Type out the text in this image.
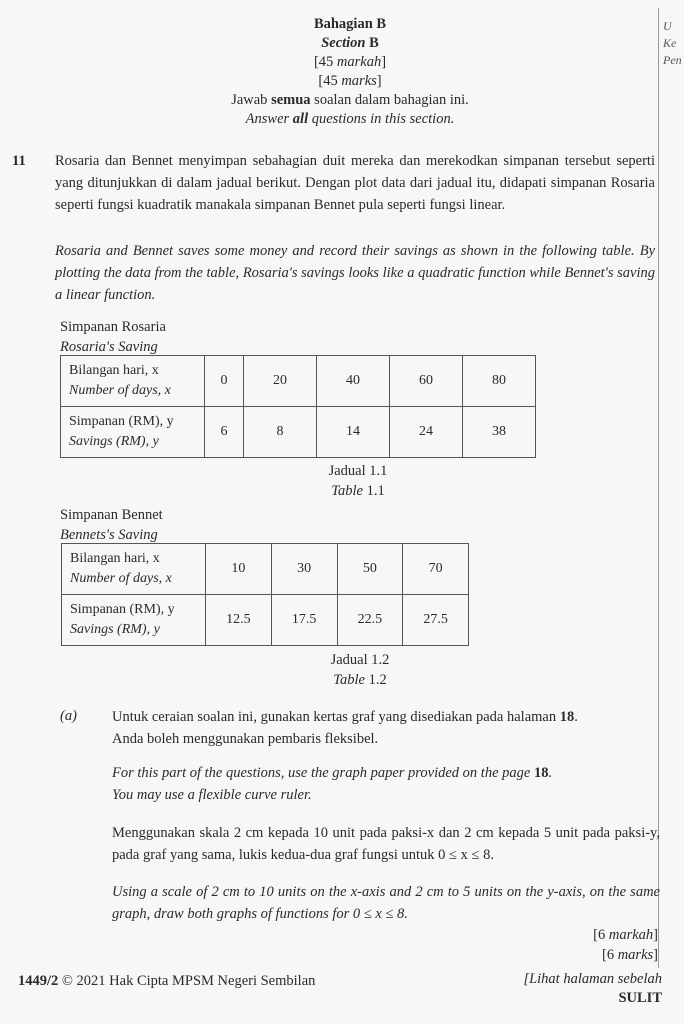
U
Ke
Pen
Bahagian B
Section B
[45 markah]
[45 marks]
Jawab semua soalan dalam bahagian ini.
Answer all questions in this section.
11 Rosaria dan Bennet menyimpan sebahagian duit mereka dan merekodkan simpanan tersebut seperti yang ditunjukkan di dalam jadual berikut. Dengan plot data dari jadual itu, didapati simpanan Rosaria seperti fungsi kuadratik manakala simpanan Bennet pula seperti fungsi linear.
Rosaria and Bennet saves some money and record their savings as shown in the following table. By plotting the data from the table, Rosaria's savings looks like a quadratic function while Bennet's saving a linear function.
Simpanan Rosaria
Rosaria's Saving
Bilangan hari, x
Number of days, x	0	20	40	60	80

Simpanan (RM), y
Savings (RM), y	6	8	14	24	38
Jadual 1.1
Table 1.1
Simpanan Bennet
Bennets's Saving
Bilangan hari, x
Number of days, x	10	30	50	70

Simpanan (RM), y
Savings (RM), y	12.5	17.5	22.5	27.5
Jadual 1.2
Table 1.2
(a) Untuk ceraian soalan ini, gunakan kertas graf yang disediakan pada halaman 18.
Anda boleh menggunakan pembaris fleksibel.
For this part of the questions, use the graph paper provided on the page 18.
You may use a flexible curve ruler.
Menggunakan skala 2 cm kepada 10 unit pada paksi-x dan 2 cm kepada 5 unit pada paksi-y, pada graf yang sama, lukis kedua-dua graf fungsi untuk 0 ≤ x ≤ 8.
Using a scale of 2 cm to 10 units on the x-axis and 2 cm to 5 units on the y-axis, on the same graph, draw both graphs of functions for 0 ≤ x ≤ 8.
[6 markah]
[6 marks]
1449/2 © 2021 Hak Cipta MPSM Negeri Sembilan	[Lihat halaman sebelah
SULIT
